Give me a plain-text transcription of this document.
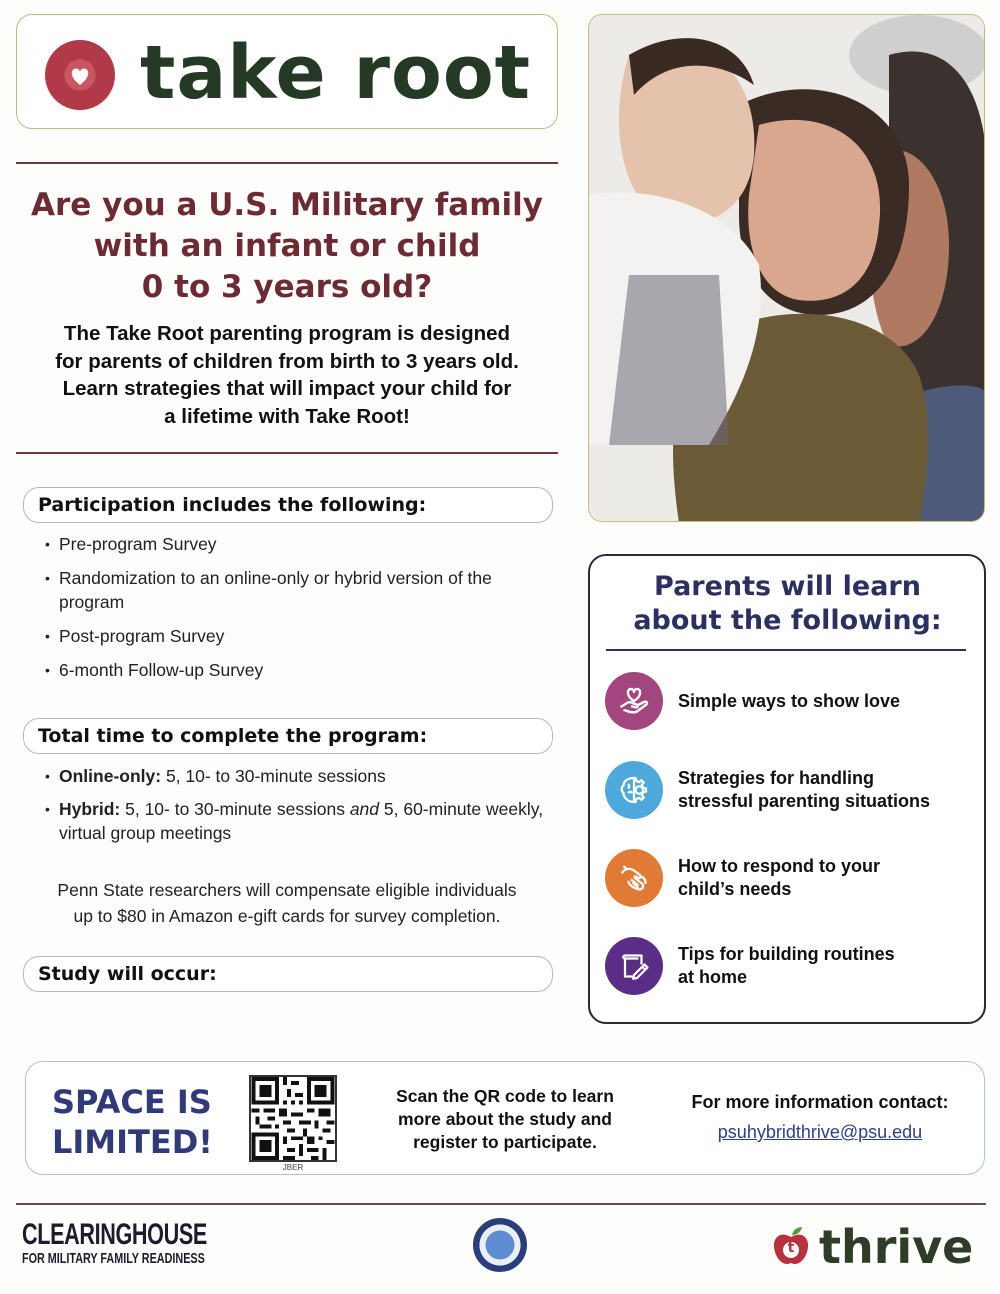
take root
Are you a U.S. Military family
with an infant or child
0 to 3 years old?
The Take Root parenting program is designed
for parents of children from birth to 3 years old.
Learn strategies that will impact your child for
a lifetime with Take Root!
Participation includes the following:
• Pre-program Survey
• Randomization to an online-only or hybrid version of the program
• Post-program Survey
• 6-month Follow-up Survey
Total time to complete the program:
• Online-only: 5, 10- to 30-minute sessions
• Hybrid: 5, 10- to 30-minute sessions and 5, 60-minute weekly, virtual group meetings
Penn State researchers will compensate eligible individuals
up to $80 in Amazon e-gift cards for survey completion.
Study will occur:
Parents will learn
about the following:
Simple ways to show love
Strategies for handling
stressful parenting situations
How to respond to your
child’s needs
Tips for building routines
at home
SPACE IS
LIMITED!
JBER
Scan the QR code to learn
more about the study and
register to participate.
For more information contact:
psuhybridthrive@psu.edu
CLEARINGHOUSE
FOR MILITARY FAMILY READINESS
t thrive
